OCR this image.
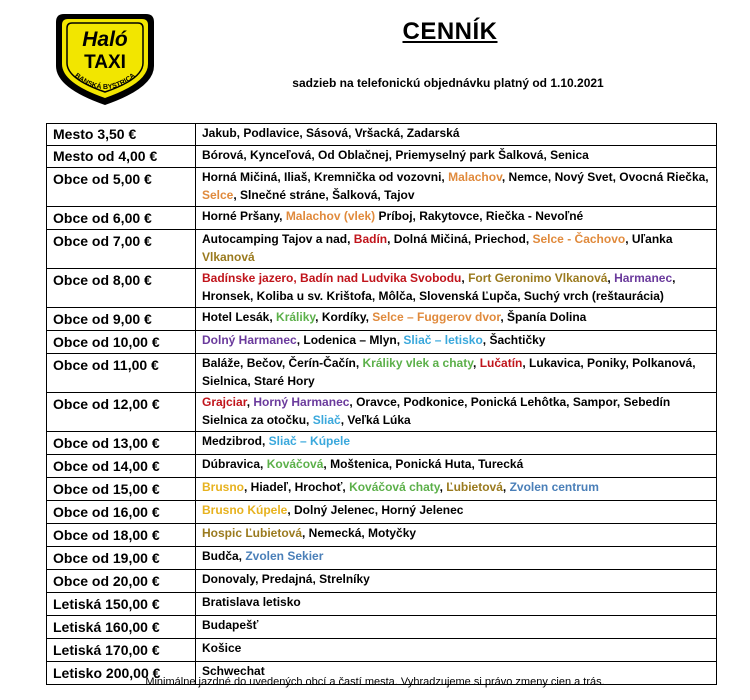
Haló
TAXI
BANSKÁ BYSTRICA
CENNÍK
sadzieb na telefonickú objednávku platný od 1.10.2021
Mesto 3,50 €	Jakub, Podlavice, Sásová, Vršacká, Zadarská
Mesto od 4,00 €	Bórová, Kynceľová, Od Oblačnej, Priemyselný park Šalková, Senica
Obce od 5,00 €	Horná Mičiná, Iliaš, Kremnička od vozovni, Malachov, Nemce, Nový Svet, Ovocná Riečka, Selce, Slnečné stráne, Šalková, Tajov
Obce od 6,00 €	Horné Pršany, Malachov (vlek) Príboj, Rakytovce, Riečka - Nevoľné
Obce od 7,00 €	Autocamping Tajov a nad, Badín, Dolná Mičiná, Priechod, Selce - Čachovo, Uľanka Vlkanová
Obce od 8,00 €	Badínske jazero, Badín nad Ludvika Svobodu, Fort Geronimo Vlkanová, Harmanec, Hronsek, Koliba u sv. Krištofa, Môlča, Slovenská Ľupča, Suchý vrch (reštaurácia)
Obce od 9,00 €	Hotel Lesák, Králiky, Kordíky, Selce – Fuggerov dvor, Španía Dolina
Obce od 10,00 €	Dolný Harmanec, Lodenica – Mlyn, Sliač – letisko, Šachtičky
Obce od 11,00 €	Baláže, Bečov, Čerín-Čačín, Králiky vlek a chaty, Lučatín, Lukavica, Poniky, Polkanová, Sielnica, Staré Hory
Obce od 12,00 €	Grajciar, Horný Harmanec, Oravce, Podkonice, Ponická Lehôtka, Sampor, Sebedín Sielnica za otočku, Sliač, Veľká Lúka
Obce od 13,00 €	Medzibrod, Sliač – Kúpele
Obce od 14,00 €	Dúbravica, Kováčová, Moštenica, Ponická Huta, Turecká
Obce od 15,00 €	Brusno, Hiadeľ, Hrochoť, Kováčová chaty, Ľubietová, Zvolen centrum
Obce od 16,00 €	Brusno Kúpele, Dolný Jelenec, Horný Jelenec
Obce od 18,00 €	Hospic Ľubietová, Nemecká, Motyčky
Obce od 19,00 €	Budča, Zvolen Sekier
Obce od 20,00 €	Donovaly, Predajná, Strelníky
Letiská 150,00 €	Bratislava letisko
Letiská 160,00 €	Budapešť
Letiská 170,00 €	Košice
Letisko 200,00 €	Schwechat
Minimálne jazdné do uvedených obcí a častí mesta. Vyhradzujeme si právo zmeny cien a trás.
